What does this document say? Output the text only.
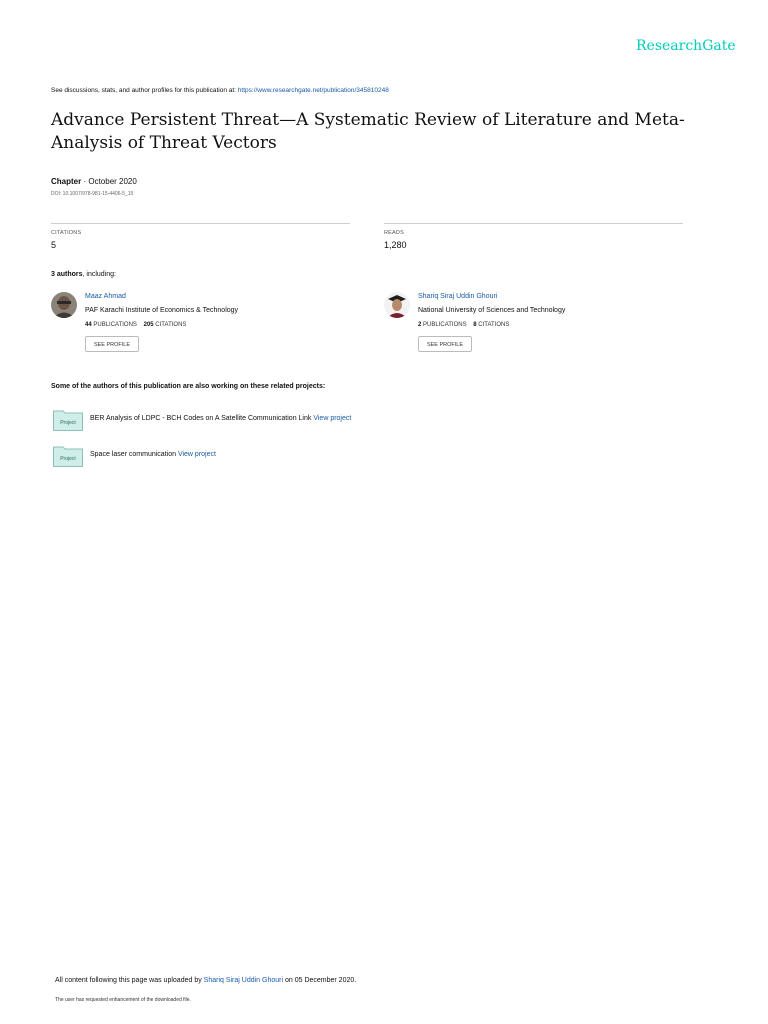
ResearchGate
See discussions, stats, and author profiles for this publication at: https://www.researchgate.net/publication/345810248
Advance Persistent Threat—A Systematic Review of Literature and Meta-Analysis of Threat Vectors
Chapter · October 2020
DOI: 10.1007/978-981-15-4406-5_15
CITATIONS
5
READS
1,280
3 authors, including:
Maaz Ahmad
PAF Karachi Institute of Economics & Technology
44 PUBLICATIONS 205 CITATIONS
SEE PROFILE
Shariq Siraj Uddin Ghouri
National University of Sciences and Technology
2 PUBLICATIONS 8 CITATIONS
SEE PROFILE
Some of the authors of this publication are also working on these related projects:
Project
BER Analysis of LDPC - BCH Codes on A Satellite Communication Link View project
Project
Space laser communication View project
All content following this page was uploaded by Shariq Siraj Uddin Ghouri on 05 December 2020.
The user has requested enhancement of the downloaded file.
